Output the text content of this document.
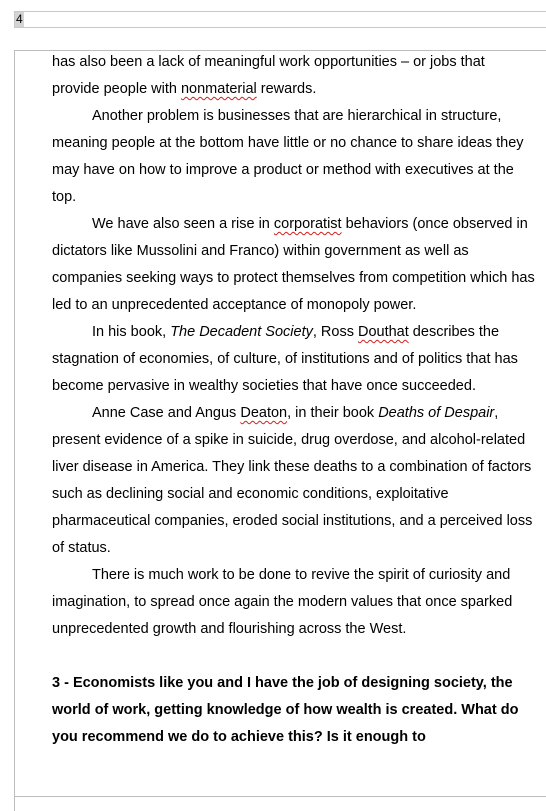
4

has also been a lack of meaningful work opportunities – or jobs that provide people with nonmaterial rewards.

Another problem is businesses that are hierarchical in structure, meaning people at the bottom have little or no chance to share ideas they may have on how to improve a product or method with executives at the top.

We have also seen a rise in corporatist behaviors (once observed in dictators like Mussolini and Franco) within government as well as companies seeking ways to protect themselves from competition which has led to an unprecedented acceptance of monopoly power.

In his book, The Decadent Society, Ross Douthat describes the stagnation of economies, of culture, of institutions and of politics that has become pervasive in wealthy societies that have once succeeded.

Anne Case and Angus Deaton, in their book Deaths of Despair, present evidence of a spike in suicide, drug overdose, and alcohol-related liver disease in America. They link these deaths to a combination of factors such as declining social and economic conditions, exploitative pharmaceutical companies, eroded social institutions, and a perceived loss of status.

There is much work to be done to revive the spirit of curiosity and imagination, to spread once again the modern values that once sparked unprecedented growth and flourishing across the West.

3 - Economists like you and I have the job of designing society, the world of work, getting knowledge of how wealth is created. What do you recommend we do to achieve this? Is it enough to
